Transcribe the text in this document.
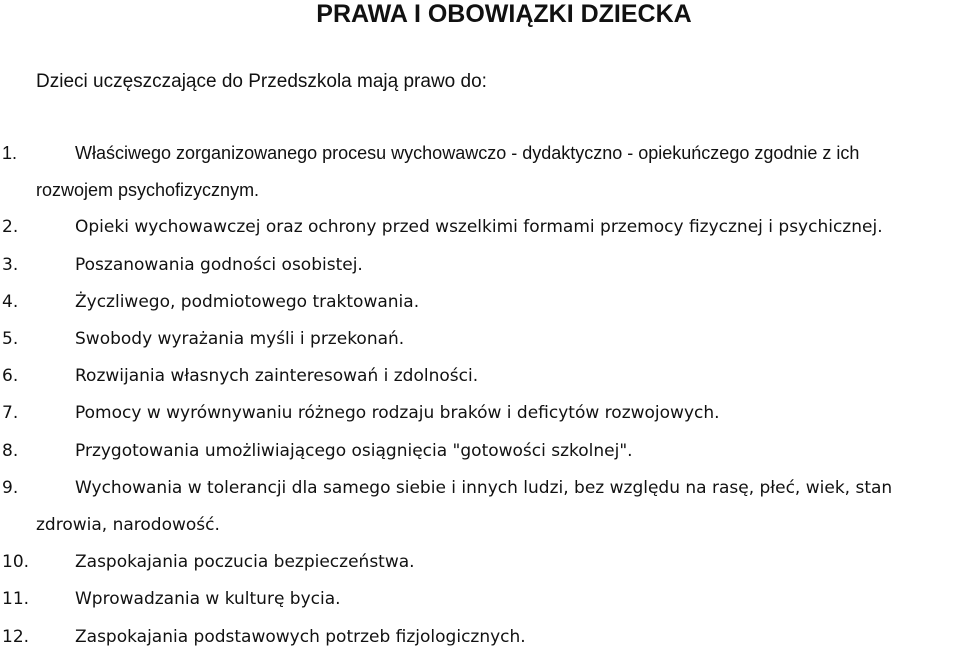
PRAWA I OBOWIĄZKI DZIECKA

Dzieci uczęszczające do Przedszkola mają prawo do:

1.	Właściwego zorganizowanego procesu wychowawczo - dydaktyczno - opiekuńczego zgodnie z ich
rozwojem psychofizycznym.
2.	Opieki wychowawczej oraz ochrony przed wszelkimi formami przemocy fizycznej i psychicznej.
3.	Poszanowania godności osobistej.
4.	Życzliwego, podmiotowego traktowania.
5.	Swobody wyrażania myśli i przekonań.
6.	Rozwijania własnych zainteresowań i zdolności.
7.	Pomocy w wyrównywaniu różnego rodzaju braków i deficytów rozwojowych.
8.	Przygotowania umożliwiającego osiągnięcia "gotowości szkolnej".
9.	Wychowania w tolerancji dla samego siebie i innych ludzi, bez względu na rasę, płeć, wiek, stan
zdrowia, narodowość.
10.	Zaspokajania poczucia bezpieczeństwa.
11.	Wprowadzania w kulturę bycia.
12.	Zaspokajania podstawowych potrzeb fizjologicznych.
